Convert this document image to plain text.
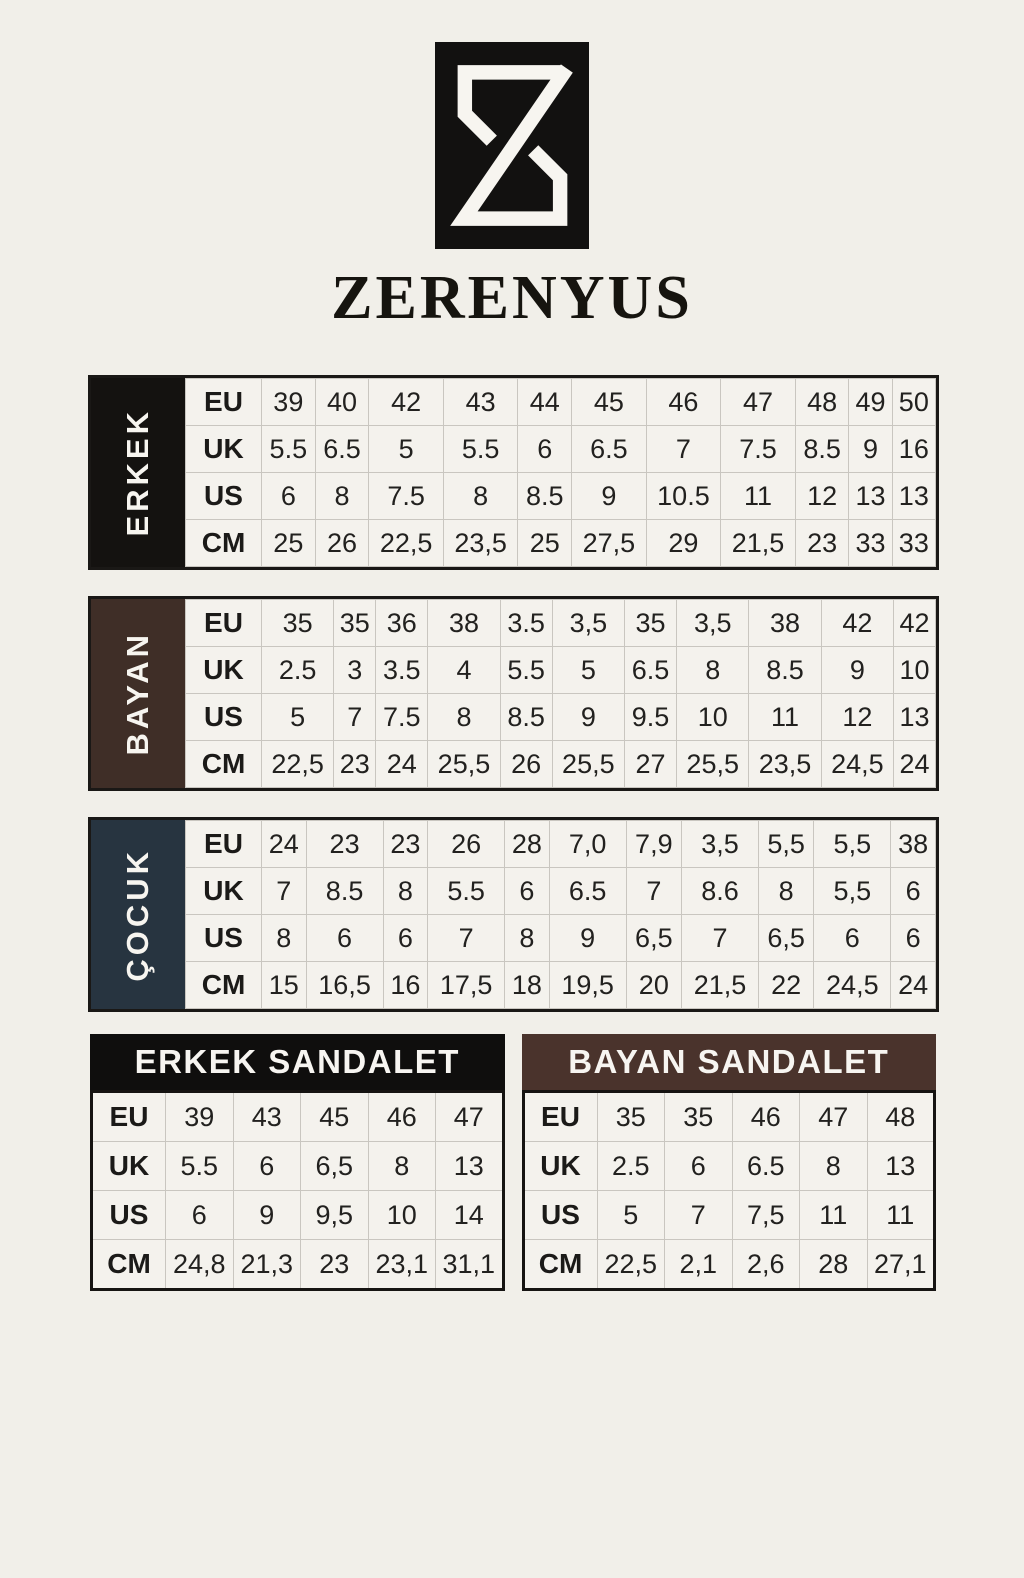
ZERENYUS
ERKEK
EU	39	40	42	43	44	45	46	47	48	49	50
UK	5.5	6.5	5	5.5	6	6.5	7	7.5	8.5	9	16
US	6	8	7.5	8	8.5	9	10.5	11	12	13	13
CM	25	26	22,5	23,5	25	27,5	29	21,5	23	33	33
BAYAN
EU	35	35	36	38	3.5	3,5	35	3,5	38	42	42
UK	2.5	3	3.5	4	5.5	5	6.5	8	8.5	9	10
US	5	7	7.5	8	8.5	9	9.5	10	11	12	13
CM	22,5	23	24	25,5	26	25,5	27	25,5	23,5	24,5	24
ÇOCUK
EU	24	23	23	26	28	7,0	7,9	3,5	5,5	5,5	38
UK	7	8.5	8	5.5	6	6.5	7	8.6	8	5,5	6
US	8	6	6	7	8	9	6,5	7	6,5	6	6
CM	15	16,5	16	17,5	18	19,5	20	21,5	22	24,5	24
ERKEK SANDALET
EU	39	43	45	46	47
UK	5.5	6	6,5	8	13
US	6	9	9,5	10	14
CM	24,8	21,3	23	23,1	31,1
BAYAN SANDALET
EU	35	35	46	47	48
UK	2.5	6	6.5	8	13
US	5	7	7,5	11	11
CM	22,5	2,1	2,6	28	27,1
